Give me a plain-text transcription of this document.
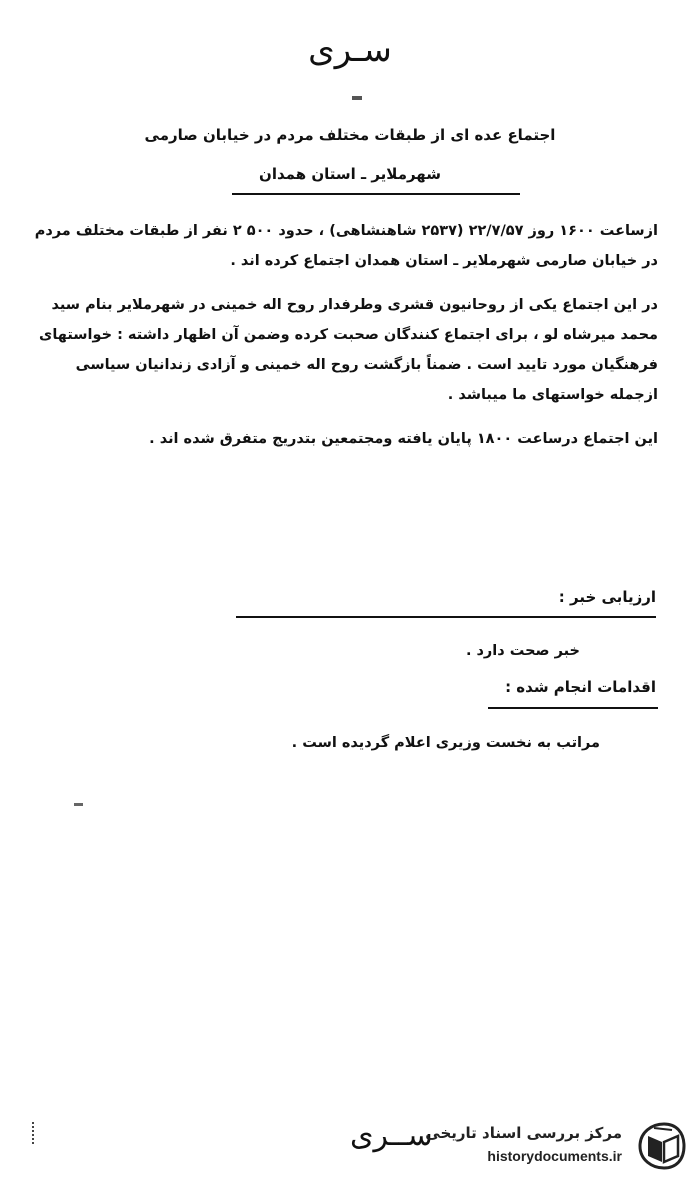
سـری
اجتماع عده ای از طبقات مختلف مردم در خیابان صارمی
شهرملایر ـ استان همدان

ازساعت ۱۶۰۰ روز ۲۲/۷/۵۷ (۲۵۳۷ شاهنشاهی) ، حدود ۵۰۰ ۲ نفر از طبقات مختلف مردم در خیابان صارمی شهرملایر ـ استان همدان اجتماع کرده اند .

در این اجتماع یکی از روحانیون قشری وطرفدار روح اله خمینی در شهرملایر بنام سید محمد میرشاه لو ، برای اجتماع کنندگان صحبت کرده وضمن آن اظهار داشته : خواستهای فرهنگیان مورد تایید است . ضمناً بازگشت روح اله خمینی و آزادی زندانیان سیاسی ازجمله خواستهای ما میباشد .

این اجتماع درساعت ۱۸۰۰ پایان یافته ومجتمعین بتدریج متفرق شده اند .

ارزیابی خبر :
خبر صحت دارد .
اقدامات انجام شده :
مراتب به نخست وزیری اعلام گردیده است .
ســری
مرکز بررسی اسناد تاریخی
historydocuments.ir
